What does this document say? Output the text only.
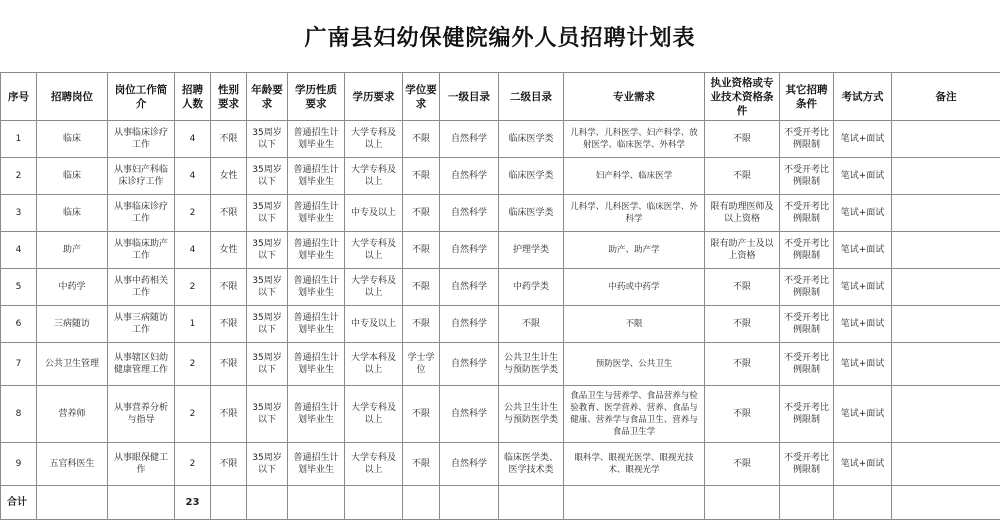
广南县妇幼保健院编外人员招聘计划表
序号	招聘岗位	岗位工作简介	招聘人数	性别要求	年龄要求	学历性质要求	学历要求	学位要求	一级目录	二级目录	专业需求	执业资格或专业技术资格条件	其它招聘条件	考试方式	备注
1	临床	从事临床诊疗工作	4	不限	35周岁以下	普通招生计划毕业生	大学专科及以上	不限	自然科学	临床医学类	儿科学、儿科医学、妇产科学、放射医学、临床医学、外科学	不限	不受开考比例限制	笔试+面试	
2	临床	从事妇产科临床诊疗工作	4	女性	35周岁以下	普通招生计划毕业生	大学专科及以上	不限	自然科学	临床医学类	妇产科学、临床医学	不限	不受开考比例限制	笔试+面试	
3	临床	从事临床诊疗工作	2	不限	35周岁以下	普通招生计划毕业生	中专及以上	不限	自然科学	临床医学类	儿科学、儿科医学、临床医学、外科学	限有助理医师及以上资格	不受开考比例限制	笔试+面试	
4	助产	从事临床助产工作	4	女性	35周岁以下	普通招生计划毕业生	大学专科及以上	不限	自然科学	护理学类	助产、助产学	限有助产士及以上资格	不受开考比例限制	笔试+面试	
5	中药学	从事中药相关工作	2	不限	35周岁以下	普通招生计划毕业生	大学专科及以上	不限	自然科学	中药学类	中药或中药学	不限	不受开考比例限制	笔试+面试	
6	三病随访	从事三病随访工作	1	不限	35周岁以下	普通招生计划毕业生	中专及以上	不限	自然科学	不限	不限	不限	不受开考比例限制	笔试+面试	
7	公共卫生管理	从事辖区妇幼健康管理工作	2	不限	35周岁以下	普通招生计划毕业生	大学本科及以上	学士学位	自然科学	公共卫生计生与预防医学类	预防医学、公共卫生	不限	不受开考比例限制	笔试+面试	
8	营养师	从事营养分析与指导	2	不限	35周岁以下	普通招生计划毕业生	大学专科及以上	不限	自然科学	公共卫生计生与预防医学类	食品卫生与营养学、食品营养与检验教育、医学营养、营养、食品与健康、营养学与食品卫生、营养与食品卫生学	不限	不受开考比例限制	笔试+面试	
9	五官科医生	从事眼保健工作	2	不限	35周岁以下	普通招生计划毕业生	大学专科及以上	不限	自然科学	临床医学类、医学技术类	眼科学、眼视光医学、眼视光技术、眼视光学	不限	不受开考比例限制	笔试+面试	
合计			23												
